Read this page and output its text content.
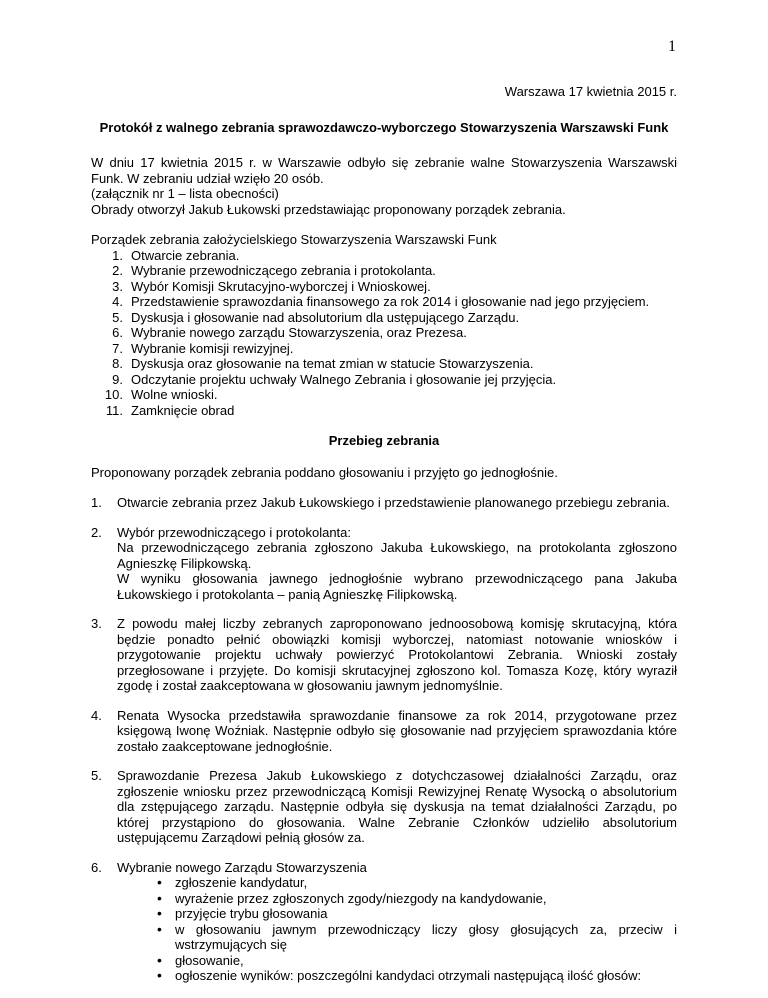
1
Warszawa 17 kwietnia 2015 r.
Protokół z walnego zebrania sprawozdawczo-wyborczego Stowarzyszenia Warszawski Funk

W dniu 17 kwietnia 2015 r. w Warszawie odbyło się zebranie walne Stowarzyszenia Warszawski Funk. W zebraniu udział wzięło 20 osób.

(załącznik nr 1 – lista obecności)

Obrady otworzył Jakub Łukowski przedstawiając proponowany porządek zebrania.

Porządek zebrania założycielskiego Stowarzyszenia Warszawski Funk

1. Otwarcie zebrania.
2. Wybranie przewodniczącego zebrania i protokolanta.
3. Wybór Komisji Skrutacyjno-wyborczej i Wnioskowej.
4. Przedstawienie sprawozdania finansowego za rok 2014 i głosowanie nad jego przyjęciem.
5. Dyskusja i głosowanie nad absolutorium dla ustępującego Zarządu.
6. Wybranie nowego zarządu Stowarzyszenia, oraz Prezesa.
7. Wybranie komisji rewizyjnej.
8. Dyskusja oraz głosowanie na temat zmian w statucie Stowarzyszenia.
9. Odczytanie projektu uchwały Walnego Zebrania i głosowanie jej przyjęcia.
10. Wolne wnioski.
11. Zamknięcie obrad
Przebieg zebrania

Proponowany porządek zebrania poddano głosowaniu i przyjęto go jednogłośnie.

1. Otwarcie zebrania przez Jakub Łukowskiego i przedstawienie planowanego przebiegu zebrania.

2. Wybór przewodniczącego i protokolanta:

Na przewodniczącego zebrania zgłoszono Jakuba Łukowskiego, na protokolanta zgłoszono Agnieszkę Filipkowską.

W wyniku głosowania jawnego jednogłośnie wybrano przewodniczącego pana Jakuba Łukowskiego i protokolanta – panią Agnieszkę Filipkowską.

3. Z powodu małej liczby zebranych zaproponowano jednoosobową komisję skrutacyjną, która będzie ponadto pełnić obowiązki komisji wyborczej, natomiast notowanie wniosków i przygotowanie projektu uchwały powierzyć Protokolantowi Zebrania. Wnioski zostały przegłosowane i przyjęte. Do komisji skrutacyjnej zgłoszono kol. Tomasza Kozę, który wyraził zgodę i został zaakceptowana w głosowaniu jawnym jednomyślnie.

4. Renata Wysocka przedstawiła sprawozdanie finansowe za rok 2014, przygotowane przez księgową Iwonę Woźniak. Następnie odbyło się głosowanie nad przyjęciem sprawozdania które zostało zaakceptowane jednogłośnie.

5. Sprawozdanie Prezesa Jakub Łukowskiego z dotychczasowej działalności Zarządu, oraz zgłoszenie wniosku przez przewodniczącą Komisji Rewizyjnej Renatę Wysocką o absolutorium dla zstępującego zarządu. Następnie odbyła się dyskusja na temat działalności Zarządu, po której przystąpiono do głosowania. Walne Zebranie Członków udzieliło absolutorium ustępującemu Zarządowi pełnią głosów za.

6. Wybranie nowego Zarządu Stowarzyszenia

• zgłoszenie kandydatur,
• wyrażenie przez zgłoszonych zgody/niezgody na kandydowanie,
• przyjęcie trybu głosowania
• w głosowaniu jawnym przewodniczący liczy głosy głosujących za, przeciw i wstrzymujących się
• głosowanie,
• ogłoszenie wyników: poszczególni kandydaci otrzymali następującą ilość głosów:
